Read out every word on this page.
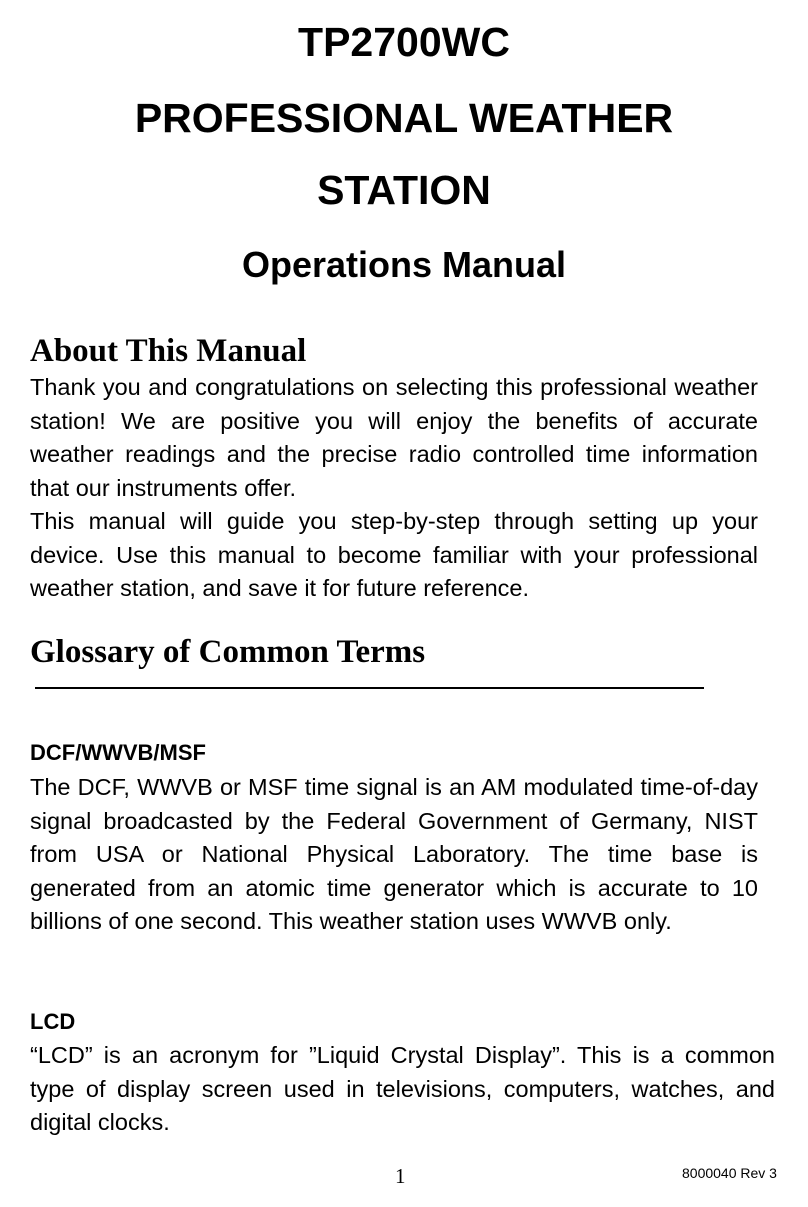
TP2700WC
PROFESSIONAL WEATHER
STATION
Operations Manual
About This Manual

Thank you and congratulations on selecting this professional weather station! We are positive you will enjoy the benefits of accurate weather readings and the precise radio controlled time information that our instruments offer.

This manual will guide you step-by-step through setting up your device. Use this manual to become familiar with your professional weather station, and save it for future reference.

Glossary of Common Terms
DCF/WWVB/MSF

The DCF, WWVB or MSF time signal is an AM modulated time-of-day signal broadcasted by the Federal Government of Germany, NIST from USA or National Physical Laboratory. The time base is generated from an atomic time generator which is accurate to 10 billions of one second. This weather station uses WWVB only.

LCD

“LCD” is an acronym for ”Liquid Crystal Display”. This is a common type of display screen used in televisions, computers, watches, and digital clocks.

1	8000040 Rev 3
